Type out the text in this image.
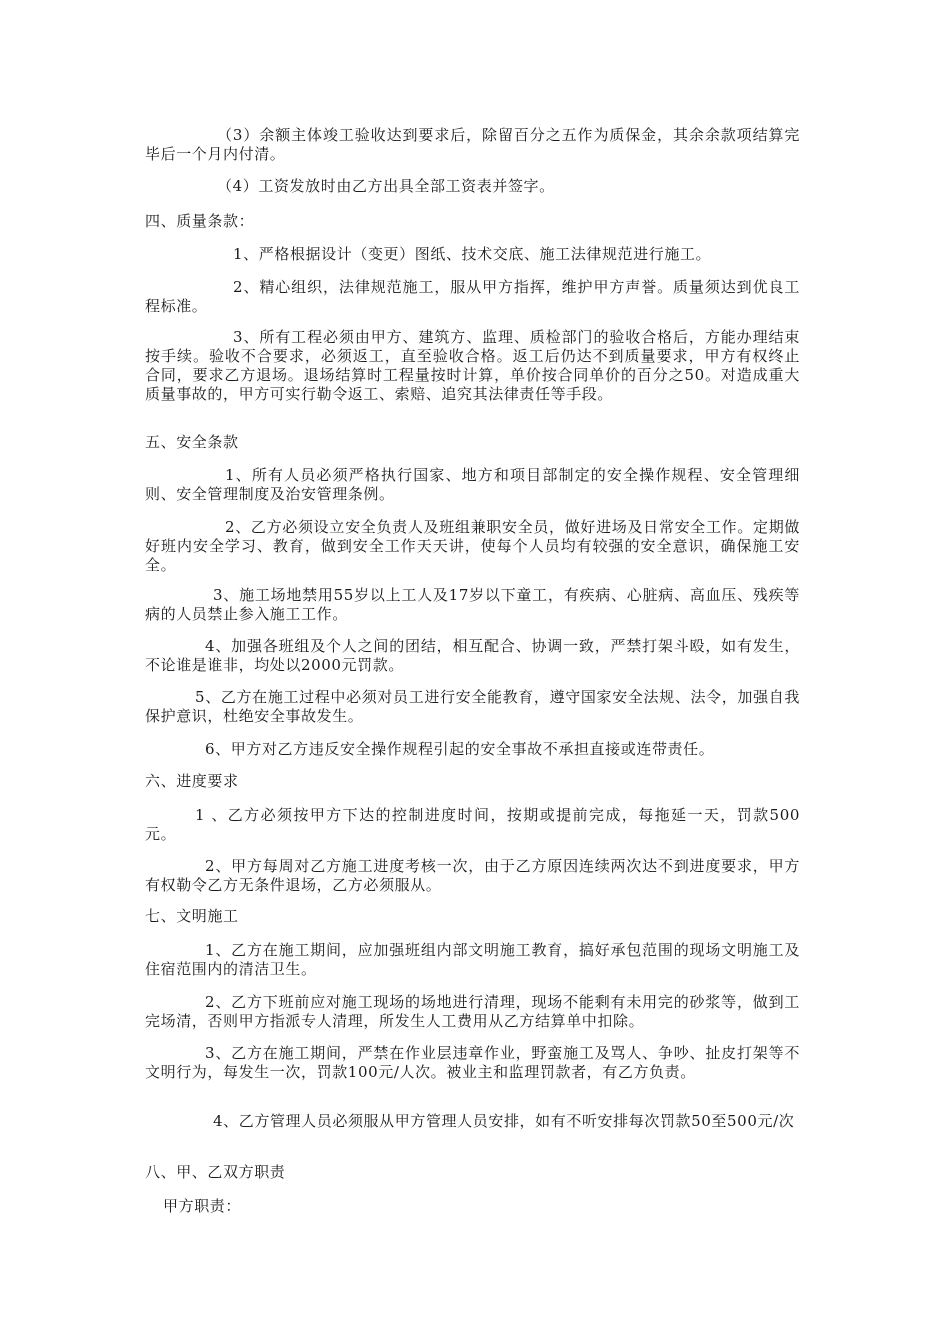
（3）余额主体竣工验收达到要求后，除留百分之五作为质保金，其余余款项结算完毕后一个月内付清。

（4）工资发放时由乙方出具全部工资表并签字。

四、质量条款：

1、严格根据设计（变更）图纸、技术交底、施工法律规范进行施工。

2、精心组织，法律规范施工，服从甲方指挥，维护甲方声誉。质量须达到优良工程标准。

3、所有工程必须由甲方、建筑方、监理、质检部门的验收合格后，方能办理结束按手续。验收不合要求，必须返工，直至验收合格。返工后仍达不到质量要求，甲方有权终止合同，要求乙方退场。退场结算时工程量按时计算，单价按合同单价的百分之50。对造成重大质量事故的，甲方可实行勒令返工、索赔、追究其法律责任等手段。

五、安全条款

1、所有人员必须严格执行国家、地方和项目部制定的安全操作规程、安全管理细则、安全管理制度及治安管理条例。

2、乙方必须设立安全负责人及班组兼职安全员，做好进场及日常安全工作。定期做好班内安全学习、教育，做到安全工作天天讲，使每个人员均有较强的安全意识，确保施工安全。

3、施工场地禁用55岁以上工人及17岁以下童工，有疾病、心脏病、高血压、残疾等病的人员禁止参入施工工作。

4、加强各班组及个人之间的团结，相互配合、协调一致，严禁打架斗殴，如有发生，不论谁是谁非，均处以2000元罚款。

5、乙方在施工过程中必须对员工进行安全能教育，遵守国家安全法规、法令，加强自我保护意识，杜绝安全事故发生。

6、甲方对乙方违反安全操作规程引起的安全事故不承担直接或连带责任。

六、进度要求

1 、乙方必须按甲方下达的控制进度时间，按期或提前完成，每拖延一天，罚款500元。

2、甲方每周对乙方施工进度考核一次，由于乙方原因连续两次达不到进度要求，甲方有权勒令乙方无条件退场，乙方必须服从。

七、文明施工

1、乙方在施工期间，应加强班组内部文明施工教育，搞好承包范围的现场文明施工及住宿范围内的清洁卫生。

2、乙方下班前应对施工现场的场地进行清理，现场不能剩有未用完的砂浆等，做到工完场清，否则甲方指派专人清理，所发生人工费用从乙方结算单中扣除。

3、乙方在施工期间，严禁在作业层违章作业，野蛮施工及骂人、争吵、扯皮打架等不文明行为，每发生一次，罚款100元/人次。被业主和监理罚款者，有乙方负责。

4、乙方管理人员必须服从甲方管理人员安排，如有不听安排每次罚款50至500元/次

八、甲、乙双方职责

甲方职责：
